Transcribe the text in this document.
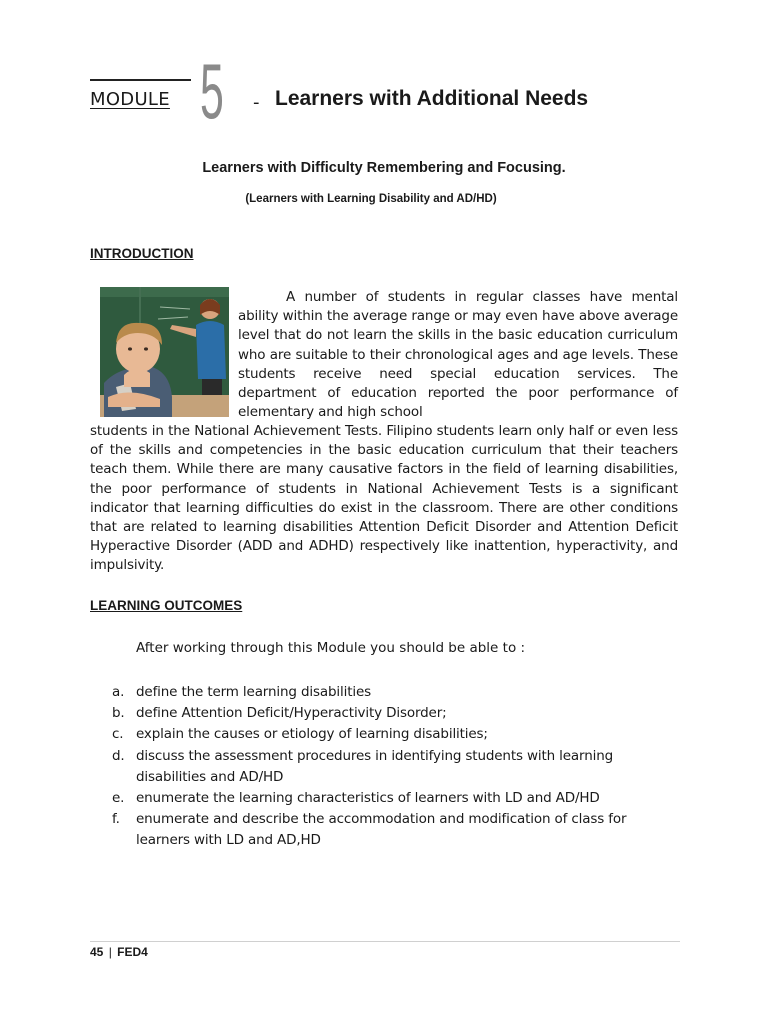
MODULE 5 - Learners with Additional Needs
Learners with Difficulty Remembering and Focusing.
(Learners with Learning Disability and AD/HD)
INTRODUCTION
A number of students in regular classes have mental ability within the average range or may even have above average level that do not learn the skills in the basic education curriculum who are suitable to their chronological ages and age levels. These students receive need special education services. The department of education reported the poor performance of elementary and high school
students in the National Achievement Tests. Filipino students learn only half or even less of the skills and competencies in the basic education curriculum that their teachers teach them. While there are many causative factors in the field of learning disabilities, the poor performance of students in National Achievement Tests is a significant indicator that learning difficulties do exist in the classroom. There are other conditions that are related to learning disabilities Attention Deficit Disorder and Attention Deficit Hyperactive Disorder (ADD and ADHD) respectively like inattention, hyperactivity, and impulsivity.
LEARNING OUTCOMES
After working through this Module you should be able to :
a. define the term learning disabilities
b. define Attention Deficit/Hyperactivity Disorder;
c. explain the causes or etiology of learning disabilities;
d. discuss the assessment procedures in identifying students with learning disabilities and AD/HD
e. enumerate the learning characteristics of learners with LD and AD/HD
f.	enumerate and describe the accommodation and modification of class for learners with LD and AD,HD
45 | FED4
